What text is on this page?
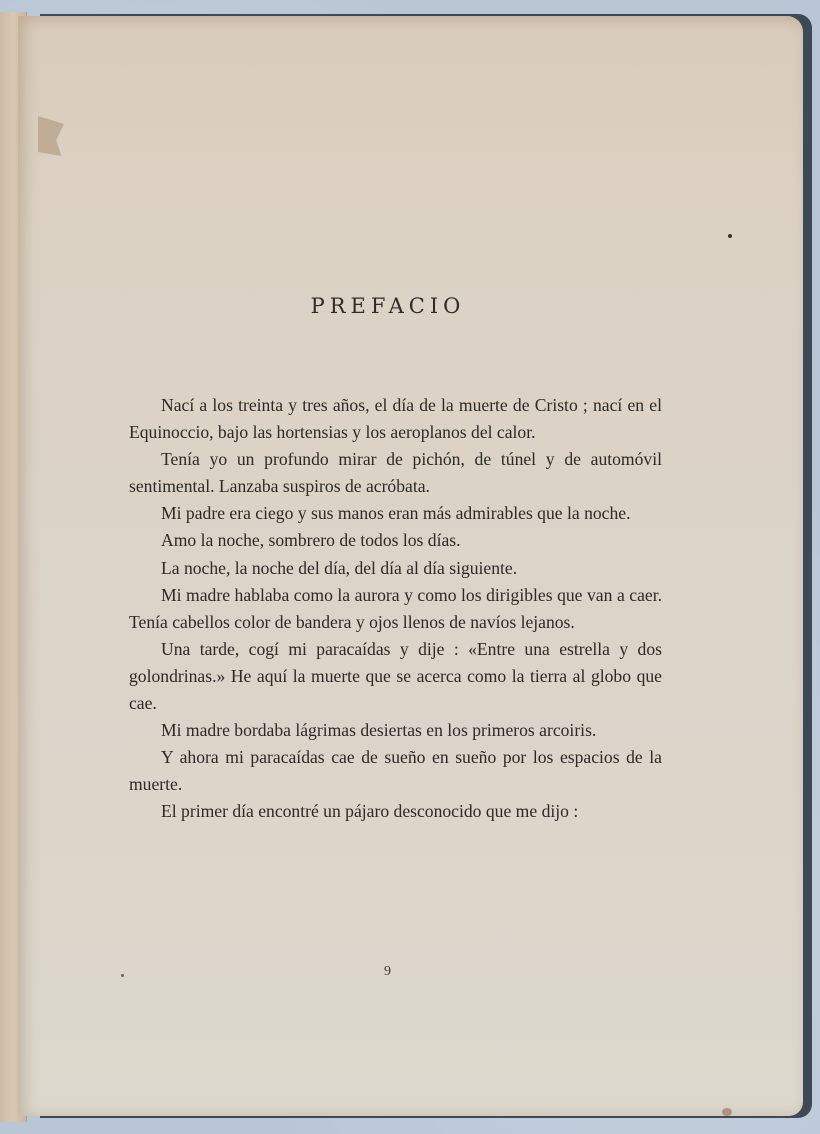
PREFACIO

Nací a los treinta y tres años, el día de la muerte de Cristo ; nací en el Equinoccio, bajo las hortensias y los aeroplanos del calor.

Tenía yo un profundo mirar de pichón, de túnel y de automóvil sentimental. Lanzaba suspiros de acróbata.

Mi padre era ciego y sus manos eran más admirables que la noche.

Amo la noche, sombrero de todos los días.

La noche, la noche del día, del día al día siguiente.

Mi madre hablaba como la aurora y como los dirigibles que van a caer. Tenía cabellos color de bandera y ojos llenos de navíos lejanos.

Una tarde, cogí mi paracaídas y dije : «Entre una estrella y dos golondrinas.» He aquí la muerte que se acerca como la tierra al globo que cae.

Mi madre bordaba lágrimas desiertas en los primeros arcoiris.

Y ahora mi paracaídas cae de sueño en sueño por los espacios de la muerte.

El primer día encontré un pájaro desconocido que me dijo :

9
